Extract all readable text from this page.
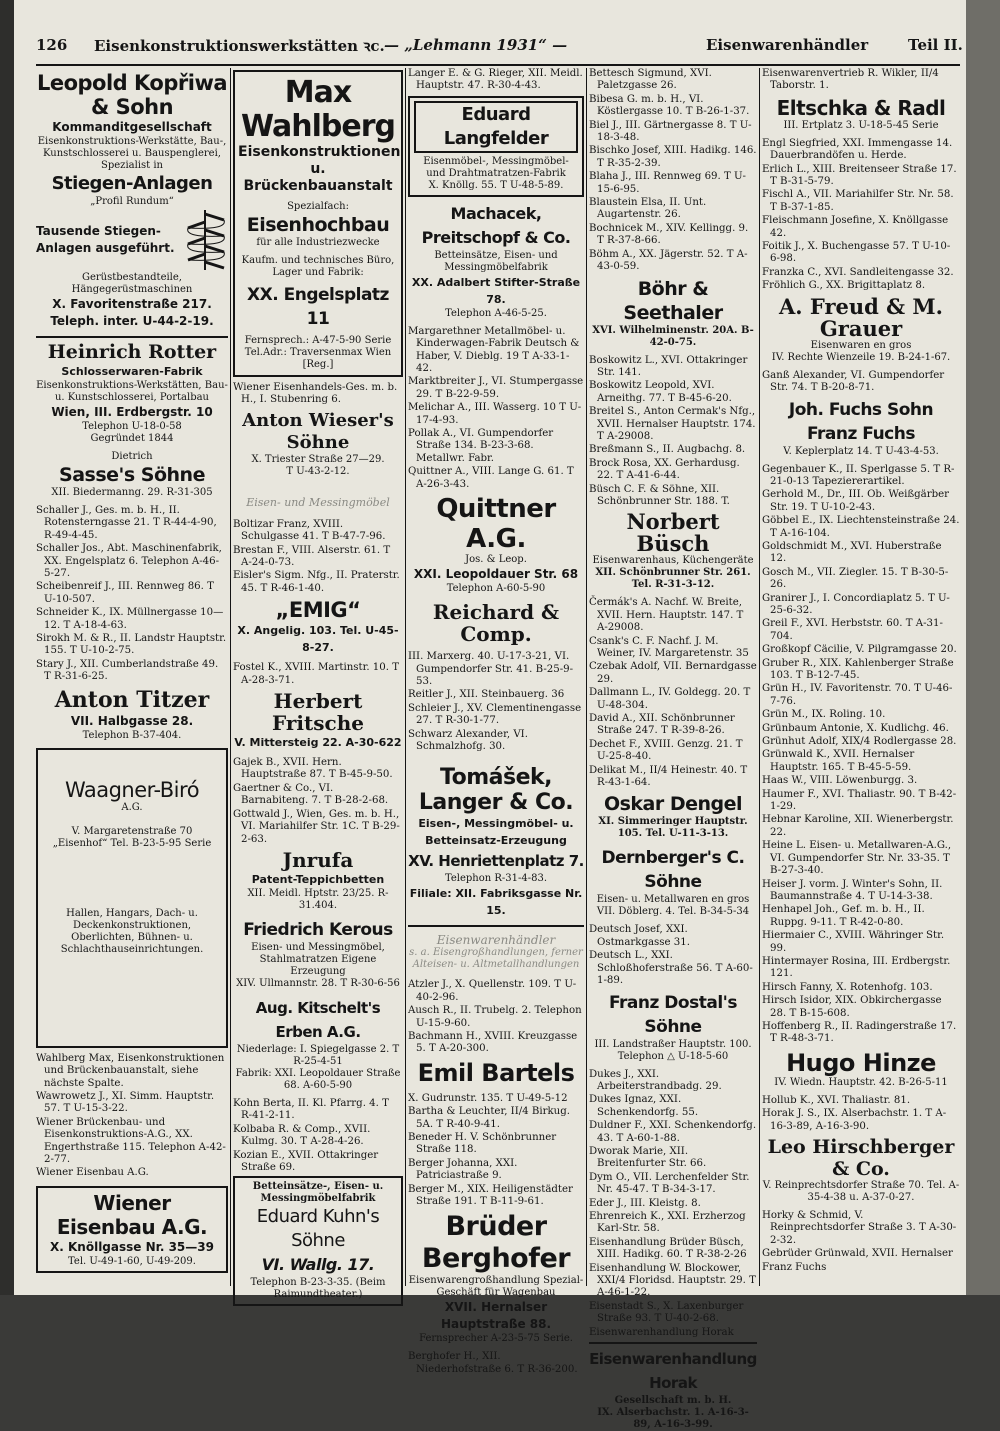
126 Eisenkonstruktionswerkstätten ꝛc. — „Lehmann 1931“ —	Eisenwarenhändler	Teil II.
Leopold Kopřiwa & Sohn
Kommanditgesellschaft
Eisenkonstruktions-Werkstätte, Bau-, Kunstschlosserei u. Bauspenglerei,
Spezialist in
Stiegen-Anlagen
„Profil Rundum“
Tausende Stiegen-Anlagen ausgeführt.
Gerüstbestandteile, Hängegerüstmaschinen
X. Favoritenstraße 217.
Teleph. inter. U-44-2-19.
Heinrich Rotter
Schlosserwaren-Fabrik
Eisenkonstruktions-Werkstätten, Bau- u. Kunstschlosserei, Portalbau
Wien, III. Erdbergstr. 10
Telephon U-18-0-58
Gegründet 1844
Dietrich
Sasse's Söhne
XII. Biedermanng. 29. R-31-305
Schaller J., Ges. m. b. H., II. Rotensterngasse 21. T R-44-4-90, R-49-4-45.
Schaller Jos., Abt. Maschinenfabrik, XX. Engelsplatz 6. Telephon A-46-5-27.
Scheibenreif J., III. Rennweg 86. T U-10-507.
Schneider K., IX. Müllnergasse 10—12. T A-18-4-63.
Sirokh M. & R., II. Landstr Hauptstr. 155. T U-10-2-75.
Stary J., XII. Cumberlandstraße 49. T R-31-6-25.
Anton Titzer
VII. Halbgasse 28.
Telephon B-37-404.
Waagner-Biró
A.G.
V. Margaretenstraße 70
„Eisenhof“ Tel. B-23-5-95 Serie
Hallen, Hangars, Dach- u. Deckenkonstruktionen, Oberlichten, Bühnen- u. Schlachthauseinrichtungen.
Wahlberg Max, Eisenkonstruktionen und Brückenbauanstalt, siehe nächste Spalte.
Wawrowetz J., XI. Simm. Hauptstr. 57. T U-15-3-22.
Wiener Brückenbau- und Eisenkonstruktions-A.G., XX. Engerthstraße 115. Telephon A-42-2-77.
Wiener Eisenbau A.G.
Wiener Eisenbau A.G.
X. Knöllgasse Nr. 35—39
Tel. U-49-1-60, U-49-209.
Max Wahlberg
Eisenkonstruktionen
u. Brückenbauanstalt
Spezialfach:
Eisenhochbau
für alle Industriezwecke
Kaufm. und technisches Büro, Lager und Fabrik:
XX. Engelsplatz 11
Fernsprech.: A-47-5-90 Serie
Tel.Adr.: Traversenmax Wien
[Reg.]
Wiener Eisenhandels-Ges. m. b. H., I. Stubenring 6.
Anton Wieser's Söhne
X. Triester Straße 27—29.
T U-43-2-12.
Eisen- und Messingmöbel
Boltizar Franz, XVIII. Schulgasse 41. T B-47-7-96.
Brestan F., VIII. Alserstr. 61. T A-24-0-73.
Eisler's Sigm. Nfg., II. Praterstr. 45. T R-46-1-40.
„EMIG“
X. Angelig. 103. Tel. U-45-8-27.
Fostel K., XVIII. Martinstr. 10. T A-28-3-71.
Herbert Fritsche
V. Mittersteig 22. A-30-622
Gajek B., XVII. Hern. Hauptstraße 87. T B-45-9-50.
Gaertner & Co., VI. Barnabiteng. 7. T B-28-2-68.
Gottwald J., Wien, Ges. m. b. H., VI. Mariahilfer Str. 1C. T B-29-2-63.
Jnrufa
Patent-Teppichbetten
XII. Meidl. Hptstr. 23/25. R-31.404.
Friedrich Kerous
Eisen- und Messingmöbel, Stahlmatratzen Eigene Erzeugung
XIV. Ullmannstr. 28. T R-30-6-56
Aug. Kitschelt's Erben A.G.
Niederlage: I. Spiegelgasse 2. T R-25-4-51
Fabrik: XXI. Leopoldauer Straße 68. A-60-5-90
Kohn Berta, II. Kl. Pfarrg. 4. T R-41-2-11.
Kolbaba R. & Comp., XVII. Kulmg. 30. T A-28-4-26.
Kozian E., XVII. Ottakringer Straße 69.
Betteinsätze-, Eisen- u. Messingmöbelfabrik
Eduard Kuhn's Söhne
VI. Wallg. 17.
Telephon B-23-3-35. (Beim Raimundtheater.)
Langer E. & G. Rieger, XII. Meidl. Hauptstr. 47. R-30-4-43.
Eduard Langfelder
Eisenmöbel-, Messingmöbel- und Drahtmatratzen-Fabrik
X. Knöllg. 55. T U-48-5-89.
Machacek, Preitschopf & Co.
Betteinsätze, Eisen- und Messingmöbelfabrik
XX. Adalbert Stifter-Straße 78.
Telephon A-46-5-25.
Margarethner Metallmöbel- u. Kinderwagen-Fabrik Deutsch & Haber, V. Dieblg. 19 T A-33-1-42.
Marktbreiter J., VI. Stumpergasse 29. T B-22-9-59.
Melichar A., III. Wasserg. 10 T U-17-4-93.
Pollak A., VI. Gumpendorfer Straße 134. B-23-3-68. Metallwr. Fabr.
Quittner A., VIII. Lange G. 61. T A-26-3-43.
Quittner A.G.
Jos. & Leop.
XXI. Leopoldauer Str. 68
Telephon A-60-5-90
Reichard & Comp.
III. Marxerg. 40. U-17-3-21, VI. Gumpendorfer Str. 41. B-25-9-53.
Reitler J., XII. Steinbauerg. 36
Schleier J., XV. Clementinengasse 27. T R-30-1-77.
Schwarz Alexander, VI. Schmalzhofg. 30.
Tomášek,
Langer & Co.
Eisen-, Messingmöbel- u. Betteinsatz-Erzeugung
XV. Henriettenplatz 7.
Telephon R-31-4-83.
Filiale: XII. Fabriksgasse Nr. 15.
Eisenwarenhändler
s. a. Eisengroßhandlungen, ferner Alteisen- u. Altmetallhandlungen
Atzler J., X. Quellenstr. 109. T U-40-2-96.
Ausch R., II. Trubelg. 2. Telephon U-15-9-60.
Bachmann H., XVIII. Kreuzgasse 5. T A-20-300.
Emil Bartels
X. Gudrunstr. 135. T U-49-5-12
Bartha & Leuchter, II/4 Birkug. 5A. T R-40-9-41.
Beneder H. V. Schönbrunner Straße 118.
Berger Johanna, XXI. Patriciastraße 9.
Berger M., XIX. Heiligenstädter Straße 191. T B-11-9-61.
Brüder Berghofer
Eisenwarengroßhandlung Spezial-Geschäft für Wagenbau
XVII. Hernalser Hauptstraße 88.
Fernsprecher A-23-5-75 Serie.
Berghofer H., XII. Niederhofstraße 6. T R-36-200.
Bettesch Sigmund, XVI. Paletzgasse 26.
Bibesa G. m. b. H., VI. Köstlergasse 10. T B-26-1-37.
Biel J., III. Gärtnergasse 8. T U-18-3-48.
Bischko Josef, XIII. Hadikg. 146. T R-35-2-39.
Blaha J., III. Rennweg 69. T U-15-6-95.
Blaustein Elsa, II. Unt. Augartenstr. 26.
Bochnicek M., XIV. Kellingg. 9. T R-37-8-66.
Böhm A., XX. Jägerstr. 52. T A-43-0-59.
Böhr & Seethaler
XVI. Wilhelminenstr. 20A. B-42-0-75.
Boskowitz L., XVI. Ottakringer Str. 141.
Boskowitz Leopold, XVI. Arneithg. 77. T B-45-6-20.
Breitel S., Anton Cermak's Nfg., XVII. Hernalser Hauptstr. 174. T A-29008.
Breßmann S., II. Augbachg. 8.
Brock Rosa, XX. Gerhardusg. 22. T A-41-6-44.
Büsch C. F. & Söhne, XII. Schönbrunner Str. 188. T.
Norbert Büsch
Eisenwarenhaus, Küchengeräte
XII. Schönbrunner Str. 261. Tel. R-31-3-12.
Čermák's A. Nachf. W. Breite, XVII. Hern. Hauptstr. 147. T A-29008.
Csank's C. F. Nachf. J. M. Weiner, IV. Margaretenstr. 35
Czebak Adolf, VII. Bernardgasse 29.
Dallmann L., IV. Goldegg. 20. T U-48-304.
David A., XII. Schönbrunner Straße 247. T R-39-8-26.
Dechet F., XVIII. Genzg. 21. T U-25-8-40.
Delikat M., II/4 Heinestr. 40. T R-43-1-64.
Oskar Dengel
XI. Simmeringer Hauptstr. 105. Tel. U-11-3-13.
Dernberger's C. Söhne
Eisen- u. Metallwaren en gros
VII. Döblerg. 4. Tel. B-34-5-34
Deutsch Josef, XXI. Ostmarkgasse 31.
Deutsch L., XXI. Schloßhoferstraße 56. T A-60-1-89.
Franz Dostal's Söhne
III. Landstraßer Hauptstr. 100.
Telephon △ U-18-5-60
Dukes J., XXI. Arbeiterstrandbadg. 29.
Dukes Ignaz, XXI. Schenkendorfg. 55.
Duldner F., XXI. Schenkendorfg. 43. T A-60-1-88.
Dworak Marie, XII. Breitenfurter Str. 66.
Dym O., VII. Lerchenfelder Str. Nr. 45-47. T B-34-3-17.
Eder J., III. Kleistg. 8.
Ehrenreich K., XXI. Erzherzog Karl-Str. 58.
Eisenhandlung Brüder Büsch, XIII. Hadikg. 60. T R-38-2-26
Eisenhandlung W. Blockower, XXI/4 Floridsd. Hauptstr. 29. T A-46-1-22.
Eisenstadt S., X. Laxenburger Straße 93. T U-40-2-68.
Eisenwarenhandlung Horak
Eisenwarenhandlung Horak
Gesellschaft m. b. H.
IX. Alserbachstr. 1. A-16-3-89, A-16-3-99.
Eisenwarenvertrieb R. Wikler, II/4 Taborstr. 1.
Eltschka & Radl
III. Ertplatz 3. U-18-5-45 Serie
Engl Siegfried, XXI. Immengasse 14. Dauerbrandöfen u. Herde.
Erlich L., XIII. Breitenseer Straße 17. T B-31-5-79.
Fischl A., VII. Mariahilfer Str. Nr. 58. T B-37-1-85.
Fleischmann Josefine, X. Knöllgasse 42.
Foitik J., X. Buchengasse 57. T U-10-6-98.
Franzka C., XVI. Sandleitengasse 32.
Fröhlich G., XX. Brigittaplatz 8.
A. Freud & M. Grauer
Eisenwaren en gros
IV. Rechte Wienzeile 19. B-24-1-67.
Ganß Alexander, VI. Gumpendorfer Str. 74. T B-20-8-71.
Joh. Fuchs Sohn Franz Fuchs
V. Keplerplatz 14. T U-43-4-53.
Gegenbauer K., II. Sperlgasse 5. T R-21-0-13 Tapeziererartikel.
Gerhold M., Dr., III. Ob. Weißgärber Str. 19. T U-10-2-43.
Göbbel E., IX. Liechtensteinstraße 24. T A-16-104.
Goldschmidt M., XVI. Huberstraße 12.
Gosch M., VII. Ziegler. 15. T B-30-5-26.
Granirer J., I. Concordiaplatz 5. T U-25-6-32.
Greil F., XVI. Herbststr. 60. T A-31-704.
Großkopf Cäcilie, V. Pilgramgasse 20.
Gruber R., XIX. Kahlenberger Straße 103. T B-12-7-45.
Grün H., IV. Favoritenstr. 70. T U-46-7-76.
Grün M., IX. Roling. 10.
Grünbaum Antonie, X. Kudlichg. 46.
Grünhut Adolf, XIX/4 Rodlergasse 28.
Grünwald K., XVII. Hernalser Hauptstr. 165. T B-45-5-59.
Haas W., VIII. Löwenburgg. 3.
Haumer F., XVI. Thaliastr. 90. T B-42-1-29.
Hebnar Karoline, XII. Wienerbergstr. 22.
Heine L. Eisen- u. Metallwaren-A.G., VI. Gumpendorfer Str. Nr. 33-35. T B-27-3-40.
Heiser J. vorm. J. Winter's Sohn, II. Baumannstraße 4. T U-14-3-38.
Henhapel Joh., Gef. m. b. H., II. Ruppg. 9-11. T R-42-0-80.
Hiermaier C., XVIII. Währinger Str. 99.
Hintermayer Rosina, III. Erdbergstr. 121.
Hirsch Fanny, X. Rotenhofg. 103.
Hirsch Isidor, XIX. Obkirchergasse 28. T B-15-608.
Hoffenberg R., II. Radingerstraße 17. T R-48-3-71.
Hugo Hinze
IV. Wiedn. Hauptstr. 42. B-26-5-11
Hollub K., XVI. Thaliastr. 81.
Horak J. S., IX. Alserbachstr. 1. T A-16-3-89, A-16-3-90.
Leo Hirschberger & Co.
V. Reinprechtsdorfer Straße 70. Tel. A-35-4-38 u. A-37-0-27.
Horky & Schmid, V. Reinprechtsdorfer Straße 3. T A-30-2-32.
Gebrüder Grünwald, XVII. Hernalser
Franz Fuchs
